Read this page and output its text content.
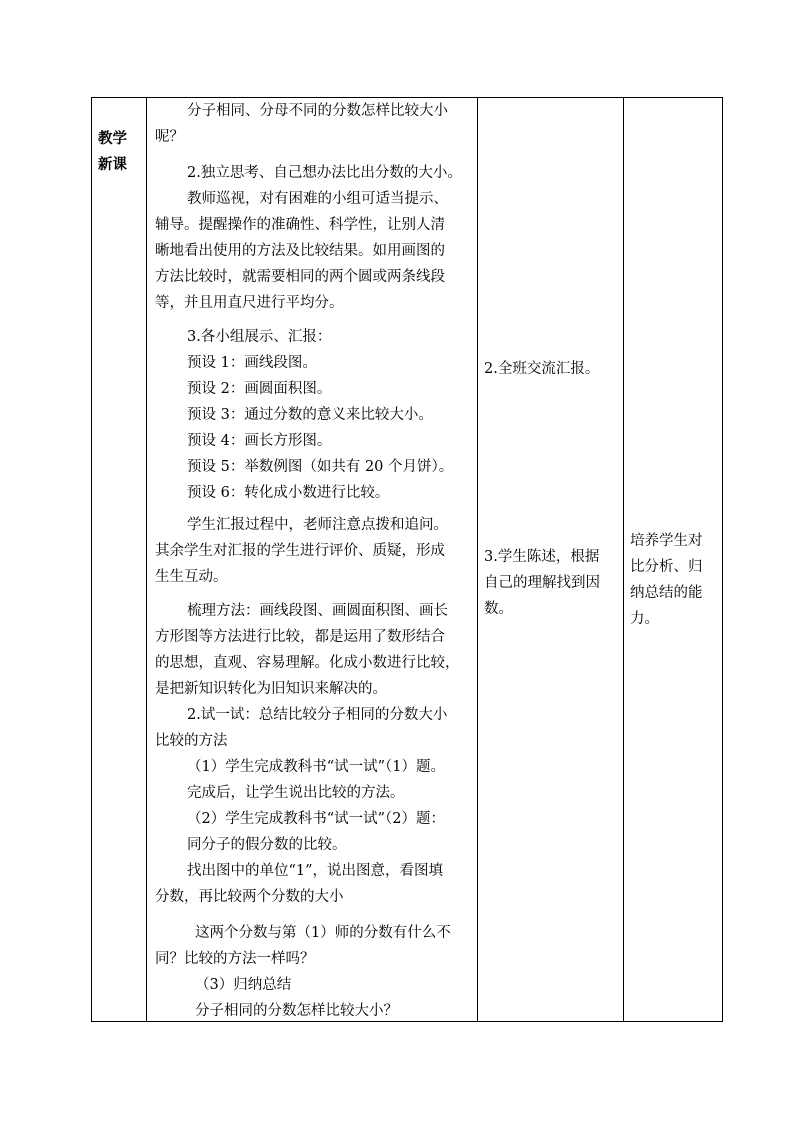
教学
新课

分子相同、分母不同的分数怎样比较大小
呢？
2.独立思考、自己想办法比出分数的大小。
教师巡视，对有困难的小组可适当提示、
辅导。提醒操作的准确性、科学性，让别人清
晰地看出使用的方法及比较结果。如用画图的
方法比较时，就需要相同的两个圆或两条线段
等，并且用直尺进行平均分。
3.各小组展示、汇报：
预设 1：画线段图。
预设 2：画圆面积图。
预设 3：通过分数的意义来比较大小。
预设 4：画长方形图。
预设 5：举数例图（如共有 20 个月饼）。
预设 6：转化成小数进行比较。
学生汇报过程中，老师注意点拨和追问。
其余学生对汇报的学生进行评价、质疑，形成
生生互动。
梳理方法：画线段图、画圆面积图、画长
方形图等方法进行比较，都是运用了数形结合
的思想，直观、容易理解。化成小数进行比较，
是把新知识转化为旧知识来解决的。
2.试一试：总结比较分子相同的分数大小
比较的方法
（1）学生完成教科书“试一试”（1）题。
完成后，让学生说出比较的方法。
（2）学生完成教科书“试一试”（2）题：
同分子的假分数的比较。
找出图中的单位“1”，说出图意，看图填
分数，再比较两个分数的大小
这两个分数与第（1）师的分数有什么不
同？比较的方法一样吗？
（3）归纳总结
分子相同的分数怎样比较大小？

2.全班交流汇报。
3.学生陈述，根据
自己的理解找到因
数。

培养学生对
比分析、归
纳总结的能
力。
